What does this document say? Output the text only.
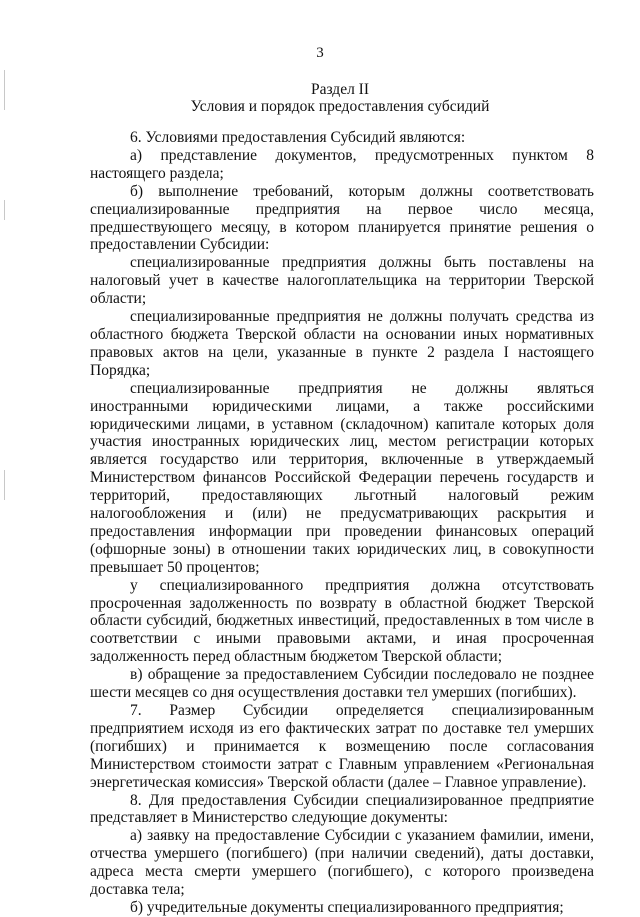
3
Раздел II
Условия и порядок предоставления субсидий

6. Условиями предоставления Субсидий являются:

а) представление документов, предусмотренных пунктом 8 настоящего раздела;

б) выполнение требований, которым должны соответствовать специализированные предприятия на первое число месяца, предшествующего месяцу, в котором планируется принятие решения о предоставлении Субсидии:

специализированные предприятия должны быть поставлены на налоговый учет в качестве налогоплательщика на территории Тверской области;

специализированные предприятия не должны получать средства из областного бюджета Тверской области на основании иных нормативных правовых актов на цели, указанные в пункте 2 раздела I настоящего Порядка;

специализированные предприятия не должны являться иностранными юридическими лицами, а также российскими юридическими лицами, в уставном (складочном) капитале которых доля участия иностранных юридических лиц, местом регистрации которых является государство или территория, включенные в утверждаемый Министерством финансов Российской Федерации перечень государств и территорий, предоставляющих льготный налоговый режим налогообложения и (или) не предусматривающих раскрытия и предоставления информации при проведении финансовых операций (офшорные зоны) в отношении таких юридических лиц, в совокупности превышает 50 процентов;

у специализированного предприятия должна отсутствовать просроченная задолженность по возврату в областной бюджет Тверской области субсидий, бюджетных инвестиций, предоставленных в том числе в соответствии с иными правовыми актами, и иная просроченная задолженность перед областным бюджетом Тверской области;

в) обращение за предоставлением Субсидии последовало не позднее шести месяцев со дня осуществления доставки тел умерших (погибших).

7. Размер Субсидии определяется специализированным предприятием исходя из его фактических затрат по доставке тел умерших (погибших) и принимается к возмещению после согласования Министерством стоимости затрат с Главным управлением «Региональная энергетическая комиссия» Тверской области (далее – Главное управление).

8. Для предоставления Субсидии специализированное предприятие представляет в Министерство следующие документы:

а) заявку на предоставление Субсидии с указанием фамилии, имени, отчества умершего (погибшего) (при наличии сведений), даты доставки, адреса места смерти умершего (погибшего), с которого произведена доставка тела;

б) учредительные документы специализированного предприятия;
